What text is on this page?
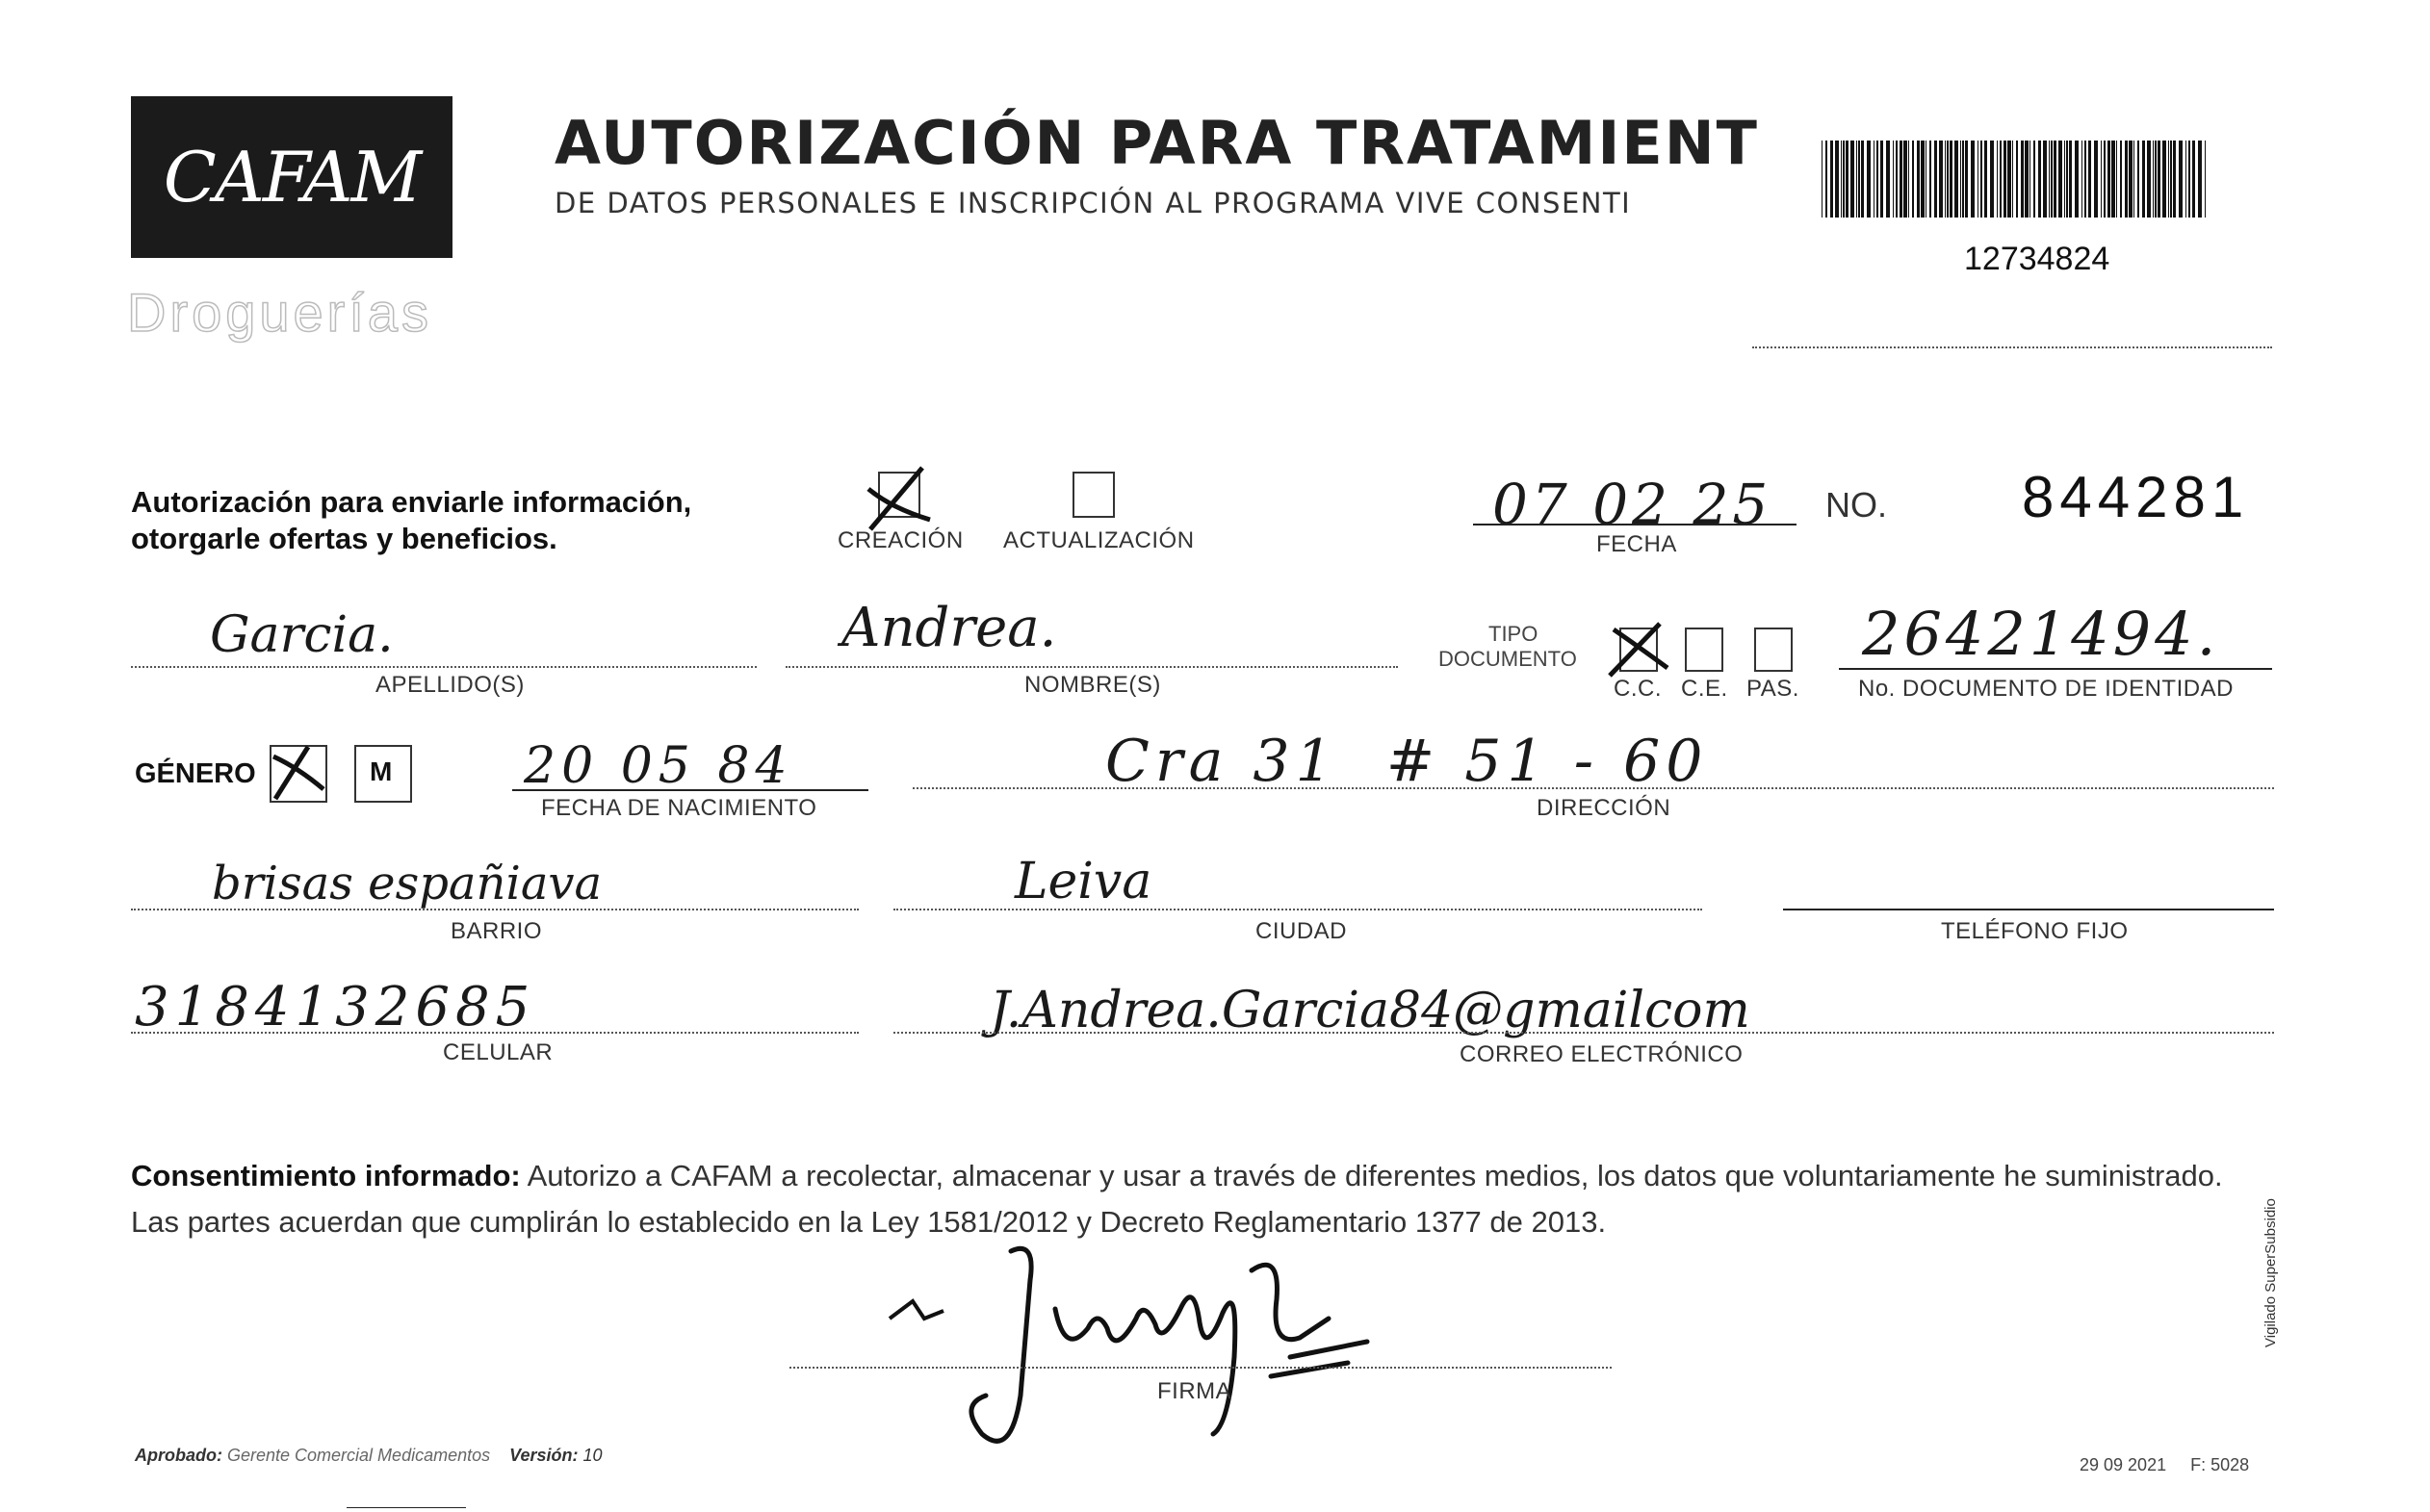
CAFAM
Droguerías
AUTORIZACIÓN PARA TRATAMIENT
DE DATOS PERSONALES E INSCRIPCIÓN AL PROGRAMA VIVE CONSENTI
12734824
Autorización para enviarle información,
otorgarle ofertas y beneficios.	CREACIÓN ACTUALIZACIÓN
07 02 25
FECHA
NO. 844281
Garcia.
APELLIDO(S)
Andrea.
NOMBRE(S)
TIPO
DOCUMENTO
C.C. C.E. PAS.
26421494.
No. DOCUMENTO DE IDENTIDAD
GÉNERO	M	20 05 84
FECHA DE NACIMIENTO
Cra 31  # 51 - 60
DIRECCIÓN
brisas españiava
BARRIO
Leiva
CIUDAD	TELÉFONO FIJO
3184132685
CELULAR
J.Andrea.Garcia84@gmailcom
CORREO ELECTRÓNICO
Consentimiento informado: Autorizo a CAFAM a recolectar, almacenar y usar a través de diferentes medios, los datos que voluntariamente he suministrado.
Las partes acuerdan que cumplirán lo establecido en la Ley 1581/2012 y Decreto Reglamentario 1377 de 2013.
FIRMA
Aprobado: Gerente Comercial Medicamentos Versión: 10	29 09 2021 F: 5028
Vigilado SuperSubsidio
